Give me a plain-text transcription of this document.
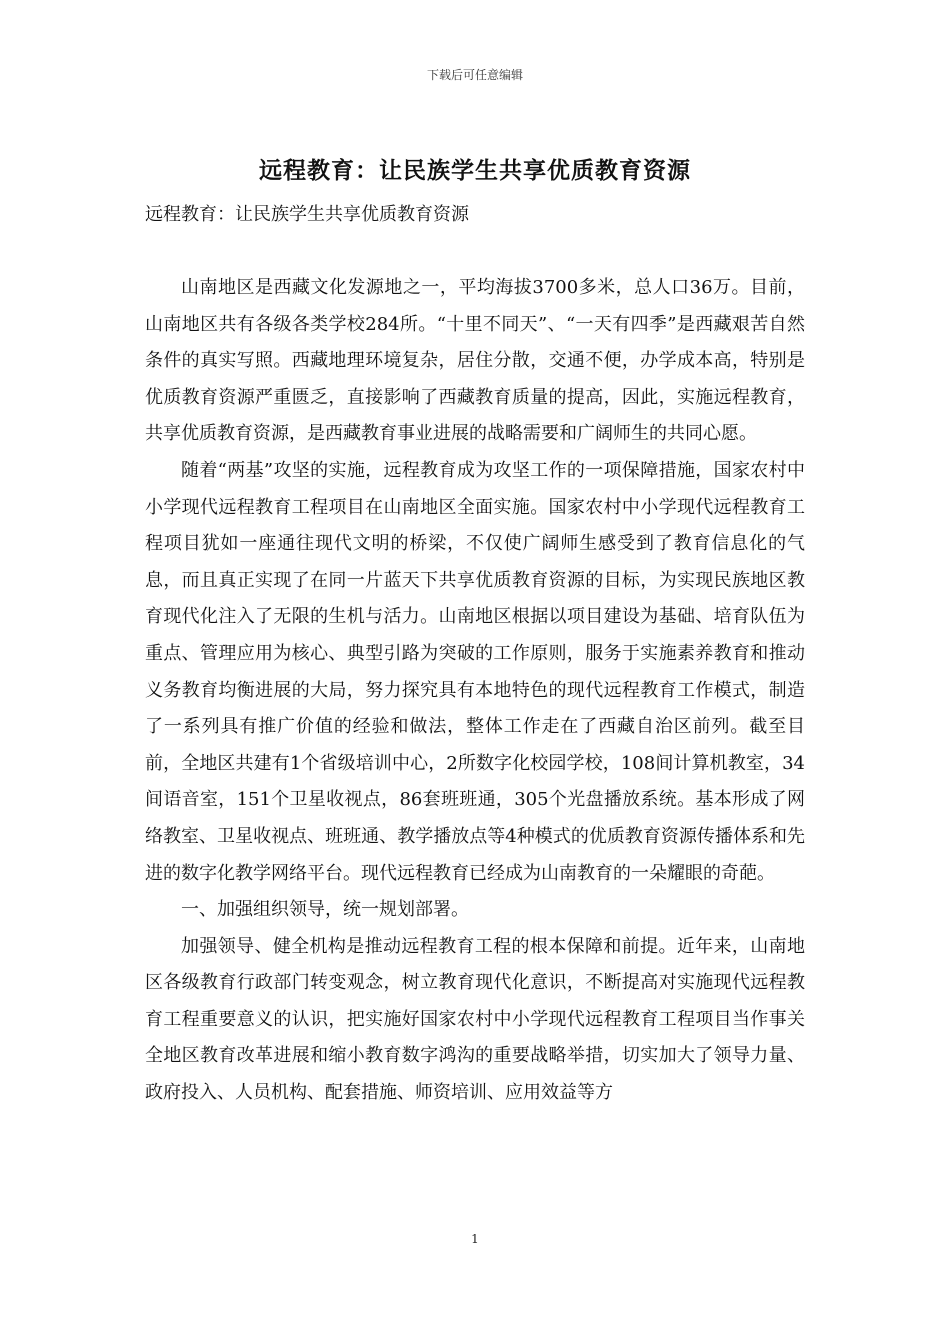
下载后可任意编辑
远程教育：让民族学生共享优质教育资源
远程教育：让民族学生共享优质教育资源

山南地区是西藏文化发源地之一，平均海拔3700多米，总人口36万。目前，山南地区共有各级各类学校284所。“十里不同天”、“一天有四季”是西藏艰苦自然条件的真实写照。西藏地理环境复杂，居住分散，交通不便，办学成本高，特别是优质教育资源严重匮乏，直接影响了西藏教育质量的提高，因此，实施远程教育，共享优质教育资源，是西藏教育事业进展的战略需要和广阔师生的共同心愿。

随着“两基”攻坚的实施，远程教育成为攻坚工作的一项保障措施，国家农村中小学现代远程教育工程项目在山南地区全面实施。国家农村中小学现代远程教育工程项目犹如一座通往现代文明的桥梁，不仅使广阔师生感受到了教育信息化的气息，而且真正实现了在同一片蓝天下共享优质教育资源的目标，为实现民族地区教育现代化注入了无限的生机与活力。山南地区根据以项目建设为基础、培育队伍为重点、管理应用为核心、典型引路为突破的工作原则，服务于实施素养教育和推动义务教育均衡进展的大局，努力探究具有本地特色的现代远程教育工作模式，制造了一系列具有推广价值的经验和做法，整体工作走在了西藏自治区前列。截至目前，全地区共建有1个省级培训中心，2所数字化校园学校，108间计算机教室，34间语音室，151个卫星收视点，86套班班通，305个光盘播放系统。基本形成了网络教室、卫星收视点、班班通、教学播放点等4种模式的优质教育资源传播体系和先进的数字化教学网络平台。现代远程教育已经成为山南教育的一朵耀眼的奇葩。

一、加强组织领导，统一规划部署。

加强领导、健全机构是推动远程教育工程的根本保障和前提。近年来，山南地区各级教育行政部门转变观念，树立教育现代化意识，不断提高对实施现代远程教育工程重要意义的认识，把实施好国家农村中小学现代远程教育工程项目当作事关全地区教育改革进展和缩小教育数字鸿沟的重要战略举措，切实加大了领导力量、政府投入、人员机构、配套措施、师资培训、应用效益等方

1
